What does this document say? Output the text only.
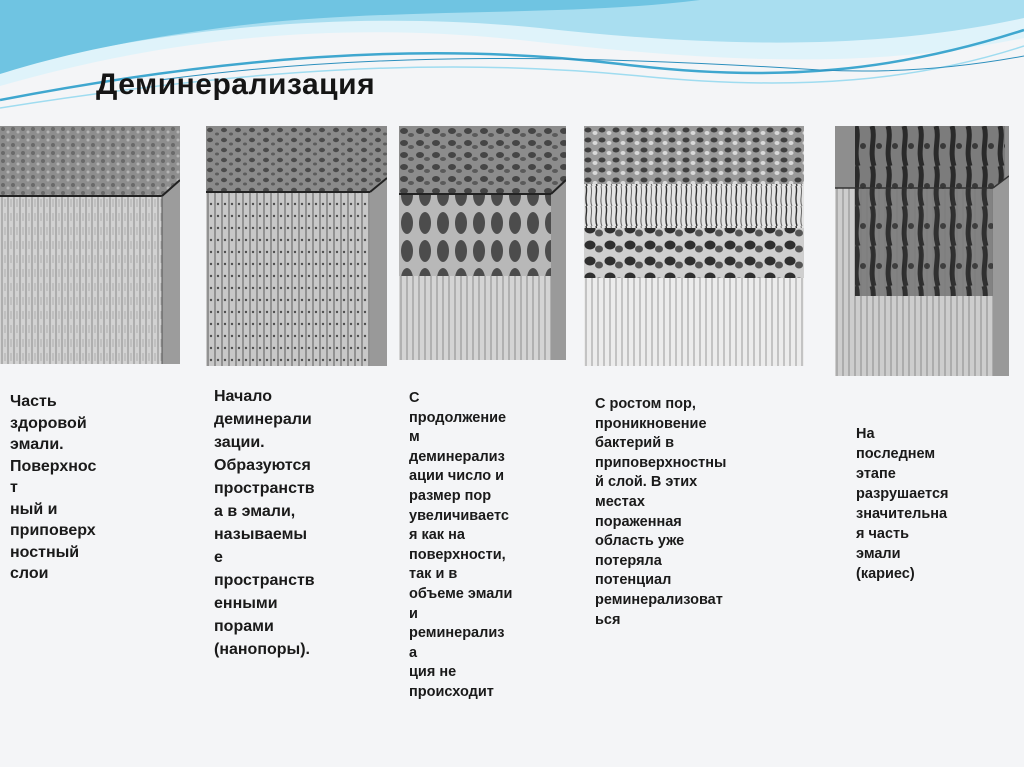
Деминерализация

Часть
здоровой
эмали.
Поверхнос
т
ный и
приповерх
ностный
слои

Начало
деминерали
зации.
Образуются
пространств
а в эмали,
называемы
е
пространств
енными
порами
(нанопоры).

С
продолжение
м
деминерализ
ации число и
размер пор
увеличиваетс
я как на
поверхности,
так и в
объеме эмали
и
реминерализ
а
ция не
происходит

С ростом пор,
проникновение
бактерий в
приповерхностны
й слой. В этих
местах
пораженная
область уже
потеряла
потенциал
реминерализоват
ься

На
последнем
этапе
разрушается
значительна
я часть
эмали
(кариес)
